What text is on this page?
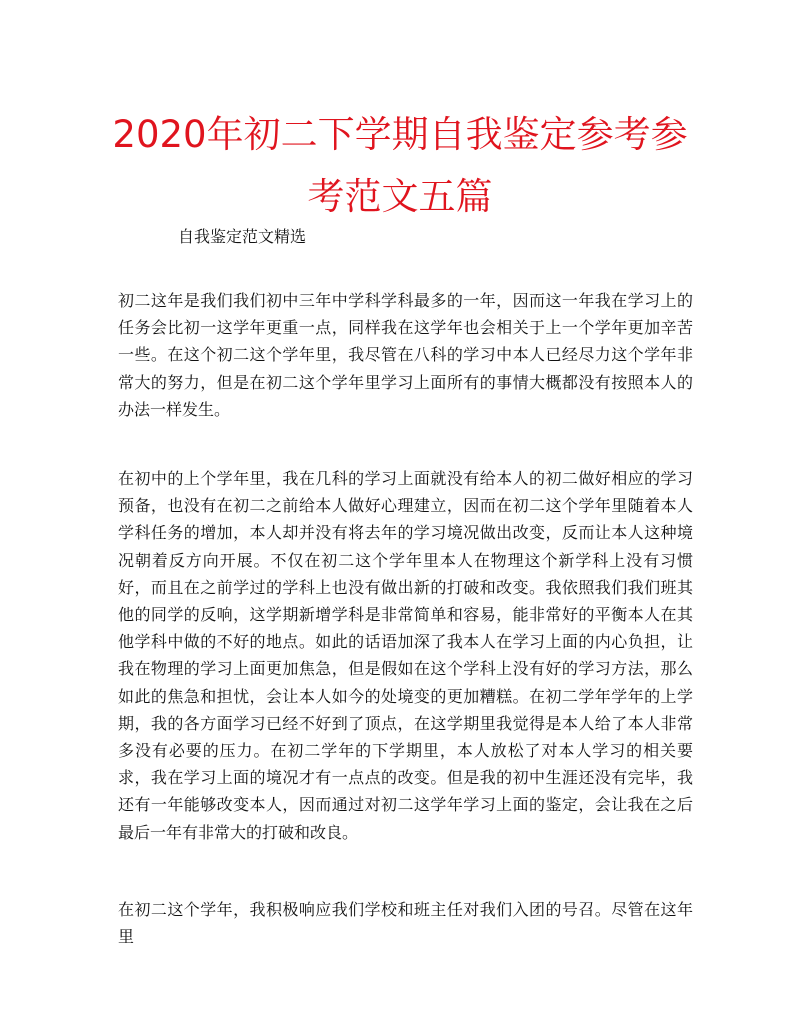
2020年初二下学期自我鉴定参考参考范文五篇
自我鉴定范文精选

初二这年是我们我们初中三年中学科学科最多的一年，因而这一年我在学习上的任务会比初一这学年更重一点，同样我在这学年也会相关于上一个学年更加辛苦一些。在这个初二这个学年里，我尽管在八科的学习中本人已经尽力这个学年非常大的努力，但是在初二这个学年里学习上面所有的事情大概都没有按照本人的办法一样发生。

在初中的上个学年里，我在几科的学习上面就没有给本人的初二做好相应的学习预备，也没有在初二之前给本人做好心理建立，因而在初二这个学年里随着本人学科任务的增加，本人却并没有将去年的学习境况做出改变，反而让本人这种境况朝着反方向开展。不仅在初二这个学年里本人在物理这个新学科上没有习惯好，而且在之前学过的学科上也没有做出新的打破和改变。我依照我们我们班其他的同学的反响，这学期新增学科是非常简单和容易，能非常好的平衡本人在其他学科中做的不好的地点。如此的话语加深了我本人在学习上面的内心负担，让我在物理的学习上面更加焦急，但是假如在这个学科上没有好的学习方法，那么如此的焦急和担忧，会让本人如今的处境变的更加糟糕。在初二学年学年的上学期，我的各方面学习已经不好到了顶点，在这学期里我觉得是本人给了本人非常多没有必要的压力。在初二学年的下学期里，本人放松了对本人学习的相关要求，我在学习上面的境况才有一点点的改变。但是我的初中生涯还没有完毕，我还有一年能够改变本人，因而通过对初二这学年学习上面的鉴定，会让我在之后最后一年有非常大的打破和改良。

在初二这个学年，我积极响应我们学校和班主任对我们入团的号召。尽管在这年里
